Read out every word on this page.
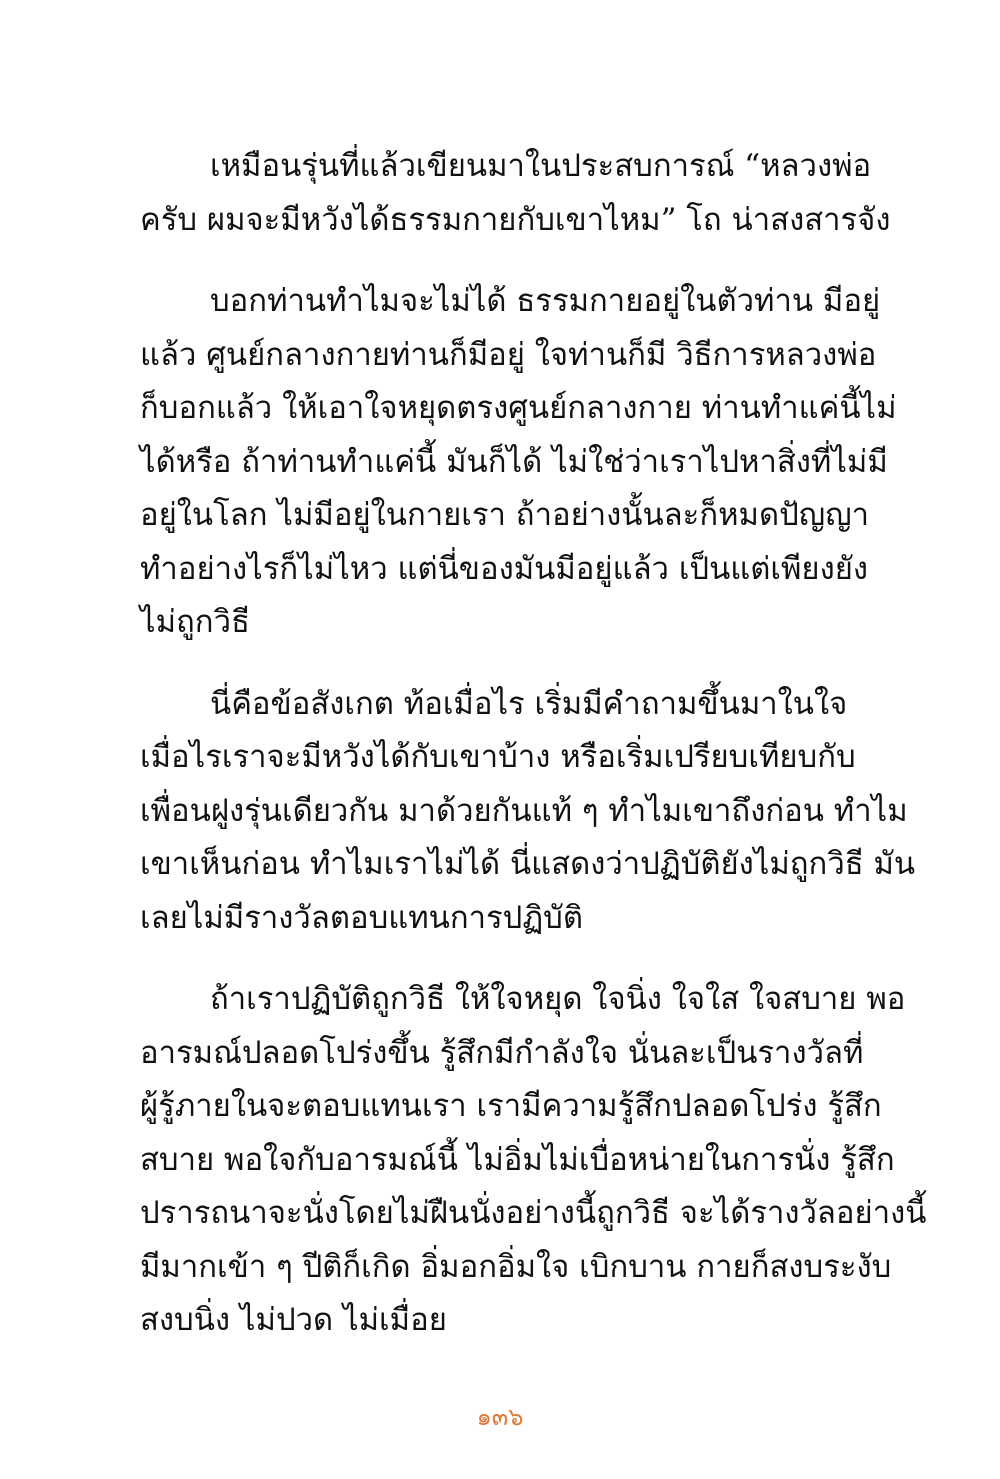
เหมือนรุ่นที่แล้วเขียนมาในประสบการณ์ “หลวงพ่อ
ครับ ผมจะมีหวังได้ธรรมกายกับเขาไหม” โถ น่าสงสารจัง
บอกท่านทำไมจะไม่ได้ ธรรมกายอยู่ในตัวท่าน มีอยู่
แล้ว ศูนย์กลางกายท่านก็มีอยู่ ใจท่านก็มี วิธีการหลวงพ่อ
ก็บอกแล้ว ให้เอาใจหยุดตรงศูนย์กลางกาย ท่านทำแค่นี้ไม่
ได้หรือ ถ้าท่านทำแค่นี้ มันก็ได้ ไม่ใช่ว่าเราไปหาสิ่งที่ไม่มี
อยู่ในโลก ไม่มีอยู่ในกายเรา ถ้าอย่างนั้นละก็หมดปัญญา
ทำอย่างไรก็ไม่ไหว แต่นี่ของมันมีอยู่แล้ว เป็นแต่เพียงยัง
ไม่ถูกวิธี
นี่คือข้อสังเกต ท้อเมื่อไร เริ่มมีคำถามขึ้นมาในใจ
เมื่อไรเราจะมีหวังได้กับเขาบ้าง หรือเริ่มเปรียบเทียบกับ
เพื่อนฝูงรุ่นเดียวกัน มาด้วยกันแท้ ๆ ทำไมเขาถึงก่อน ทำไม
เขาเห็นก่อน ทำไมเราไม่ได้ นี่แสดงว่าปฏิบัติยังไม่ถูกวิธี มัน
เลยไม่มีรางวัลตอบแทนการปฏิบัติ
ถ้าเราปฏิบัติถูกวิธี ให้ใจหยุด ใจนิ่ง ใจใส ใจสบาย พอ
อารมณ์ปลอดโปร่งขึ้น รู้สึกมีกำลังใจ นั่นละเป็นรางวัลที่
ผู้รู้ภายในจะตอบแทนเรา เรามีความรู้สึกปลอดโปร่ง รู้สึก
สบาย พอใจกับอารมณ์นี้ ไม่อิ่มไม่เบื่อหน่ายในการนั่ง รู้สึก
ปรารถนาจะนั่งโดยไม่ฝืนนั่งอย่างนี้ถูกวิธี จะได้รางวัลอย่างนี้
มีมากเข้า ๆ ปีติก็เกิด อิ่มอกอิ่มใจ เบิกบาน กายก็สงบระงับ
สงบนิ่ง ไม่ปวด ไม่เมื่อย
๑๓๖
